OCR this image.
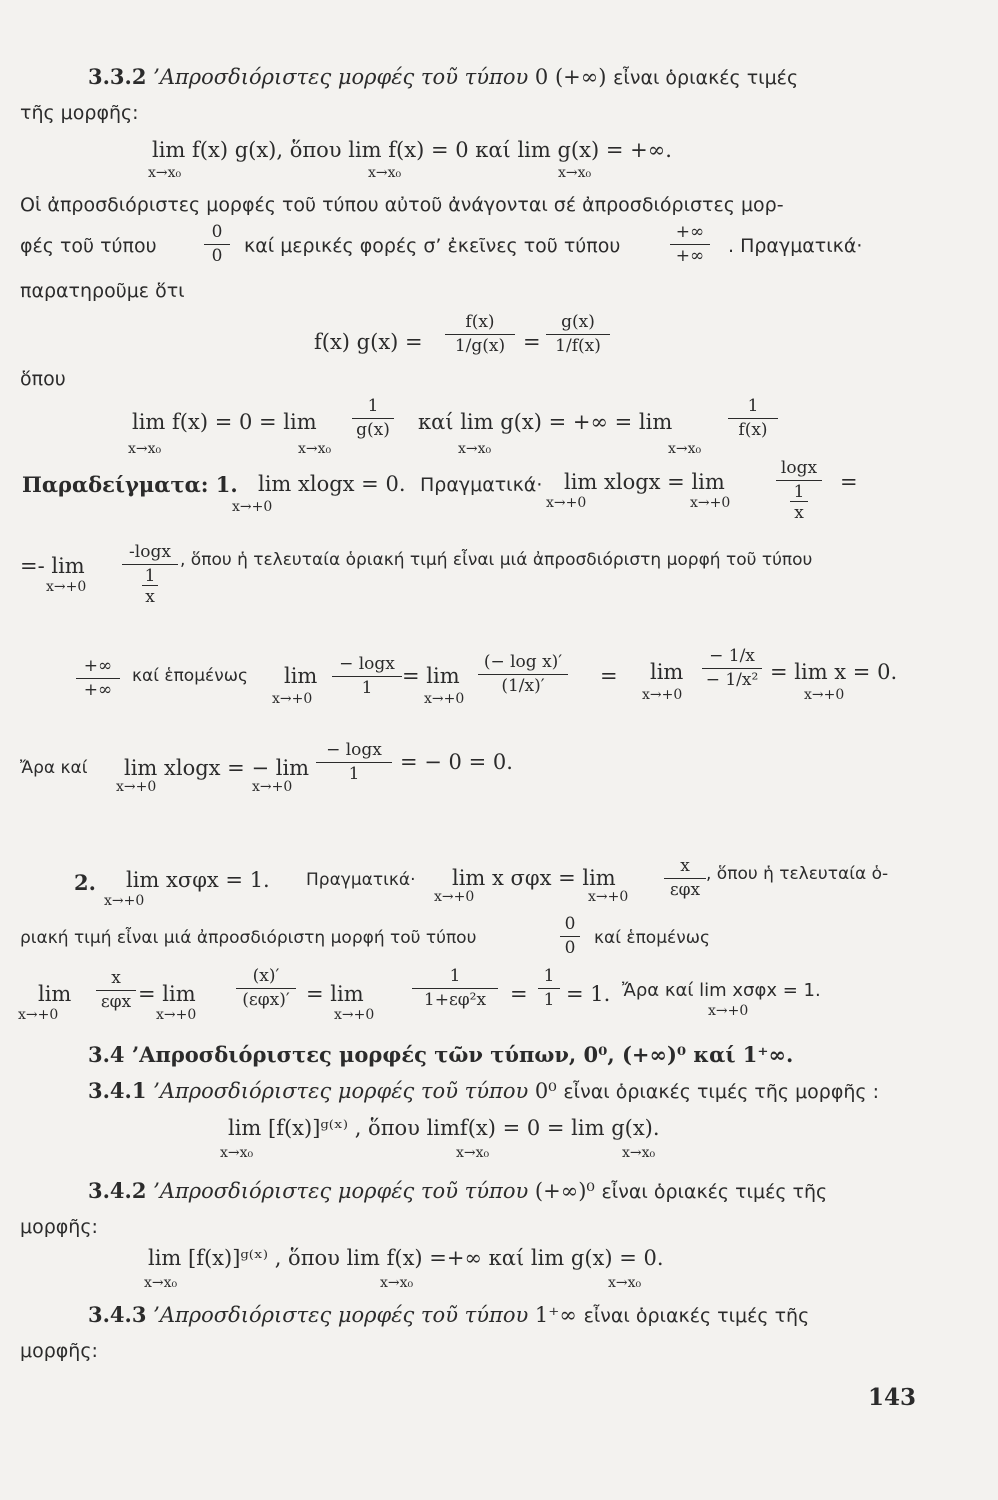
3.3.2 ’Απροσδιόριστες μορφές τοῦ τύπου 0 (+∞) εἶναι ὁριακές τιμές
τῆς μορφῆς:
lim f(x) g(x), ὅπου lim f(x) = 0 καί lim g(x) = +∞.
x→x₀	x→x₀	x→x₀
Οἱ ἀπροσδιόριστες μορφές τοῦ τύπου αὐτοῦ ἀνάγονται σέ ἀπροσδιόριστες μορ-
φές τοῦ τύπου	$\frac{0}{0}$ καί μερικές φορές σ’ ἐκεῖνες τοῦ τύπου
+∞
+∞	. Πραγματικά·
παρατηροῦμε ὅτι
f(x) $g(x) = \frac{f(x)}{1/g(x)} = \frac{g(x)}{1/f(x)}$
ὅπου
$\lim f(x) = 0 = \lim \frac{1}{g(x)}$ καί lim g(x) = +∞ = lim	$\frac{1}{f(x)}$
x→x₀	x→x₀	x→x₀	x→x₀
Παραδείγματα: 1. lim xlogx = 0. Πραγματικά· lim xlogx = lim
logx
1
x
=
x→+0	x→+0	x→+0
=- lim
-logx
1
x
, ὅπου ἡ τελευταία ὁριακή τιμή εἶναι μιά ἀπροσδιόριστη μορφή τοῦ τύπου
x→+0
+∞
+∞
καί ἑπομένως $\lim \frac{- \log x}{1} = \lim \frac{\text{(− log x)′}}{(1/x)'} = \lim \frac{- 1/x}{\text{− 1/x²}} = \lim x = 0$.
x→+0	x→+0	x→+0	x→+0
Ἄρα καί lim xlogx = − $\lim \frac{- \log x}{1}$ = − 0 = 0.
x→+0	x→+0
2. lim xσφx = 1. Πραγματικά· lim x σφx = lim	x
εφx
, ὅπου ἡ τελευταία ὁ-
x→+0	x→+0	x→+0
ριακή τιμή εἶναι μιά ἀπροσδιόριστη μορφή τοῦ τύπου	$\frac{0}{0}$ καί ἑπομένως
lim
x
εφx = lim
(x)′
(εφx)′ = lim	$\frac{1}{\text{1+εφ²x}} = \frac{1}{1} = 1$. Ἄρα καί lim xσφx = 1.
x→+0	x→+0	x→+0	x→+0
3.4 ’Απροσδιόριστες μορφές τῶν τύπων, 0⁰, (+∞)⁰ καί 1⁺∞.
3.4.1 ’Απροσδιόριστες μορφές τοῦ τύπου 0⁰ εἶναι ὁριακές τιμές τῆς μορφῆς :
lim [f(x)]ᵍ⁽ˣ⁾ , ὅπου limf(x) = 0 = lim g(x).
x→x₀	x→x₀	x→x₀
3.4.2 ’Απροσδιόριστες μορφές τοῦ τύπου (+∞)⁰ εἶναι ὁριακές τιμές τῆς
μορφῆς:
lim [f(x)]ᵍ⁽ˣ⁾ , ὅπου lim f(x) =+∞ καί lim g(x) = 0.
x→x₀	x→x₀	x→x₀
3.4.3 ’Απροσδιόριστες μορφές τοῦ τύπου 1⁺∞ εἶναι ὁριακές τιμές τῆς
μορφῆς:
143
